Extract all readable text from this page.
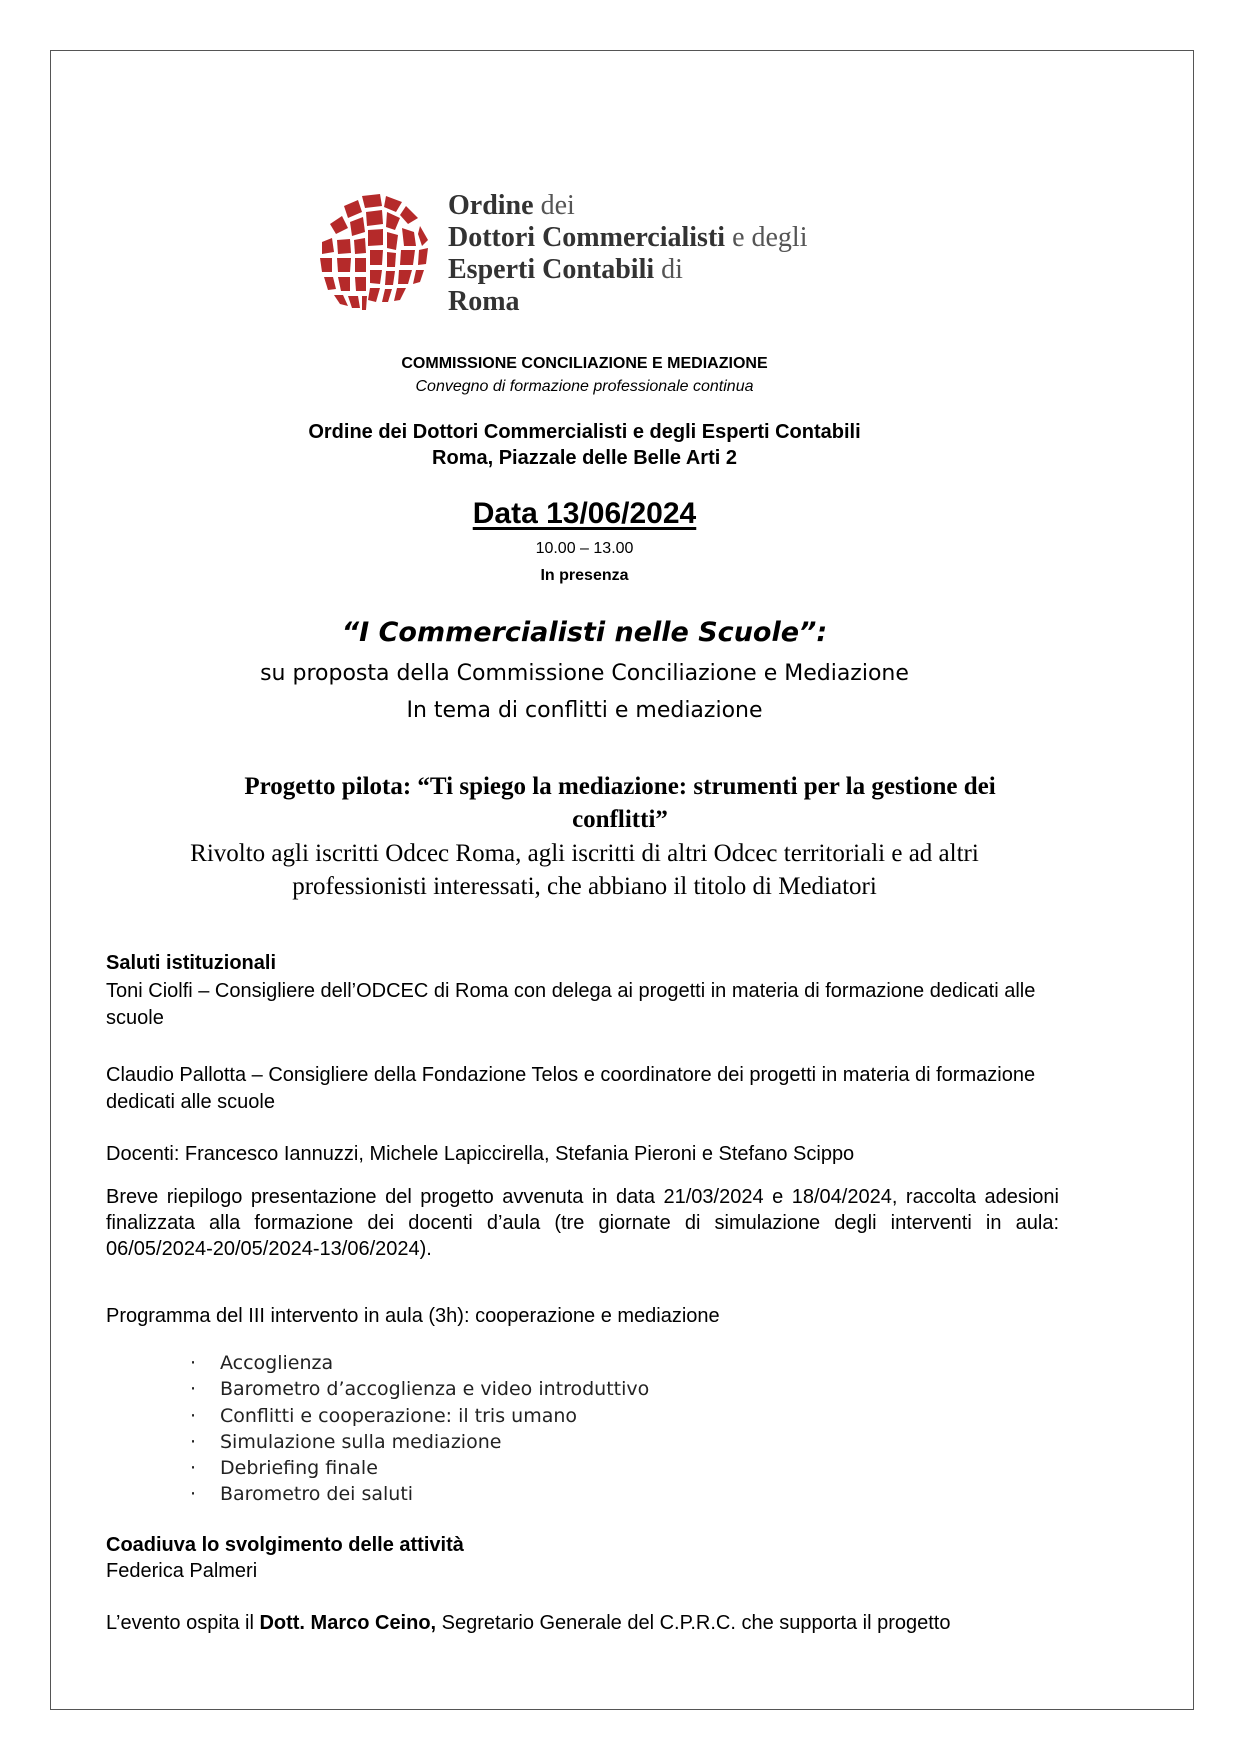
Ordine dei
Dottori Commercialisti e degli
Esperti Contabili di
Roma
COMMISSIONE CONCILIAZIONE E MEDIAZIONE
Convegno di formazione professionale continua
Ordine dei Dottori Commercialisti e degli Esperti Contabili
Roma, Piazzale delle Belle Arti 2
Data 13/06/2024
10.00 – 13.00
In presenza
“I Commercialisti nelle Scuole”:
su proposta della Commissione Conciliazione e Mediazione
In tema di conflitti e mediazione
Progetto pilota: “Ti spiego la mediazione: strumenti per la gestione dei
conflitti”
Rivolto agli iscritti Odcec Roma, agli iscritti di altri Odcec territoriali e ad altri
professionisti interessati, che abbiano il titolo di Mediatori
Saluti istituzionali
Toni Ciolfi – Consigliere dell’ODCEC di Roma con delega ai progetti in materia di formazione dedicati alle scuole
Claudio Pallotta – Consigliere della Fondazione Telos e coordinatore dei progetti in materia di formazione dedicati alle scuole
Docenti: Francesco Iannuzzi, Michele Lapiccirella, Stefania Pieroni e Stefano Scippo
Breve riepilogo presentazione del progetto avvenuta in data 21/03/2024 e 18/04/2024, raccolta adesioni finalizzata alla formazione dei docenti d’aula (tre giornate di simulazione degli interventi in aula: 06/05/2024-20/05/2024-13/06/2024).
Programma del III intervento in aula (3h): cooperazione e mediazione
· Accoglienza
· Barometro d’accoglienza e video introduttivo
· Conflitti e cooperazione: il tris umano
· Simulazione sulla mediazione
· Debriefing finale
· Barometro dei saluti
Coadiuva lo svolgimento delle attività
Federica Palmeri
L’evento ospita il Dott. Marco Ceino, Segretario Generale del C.P.R.C. che supporta il progetto
